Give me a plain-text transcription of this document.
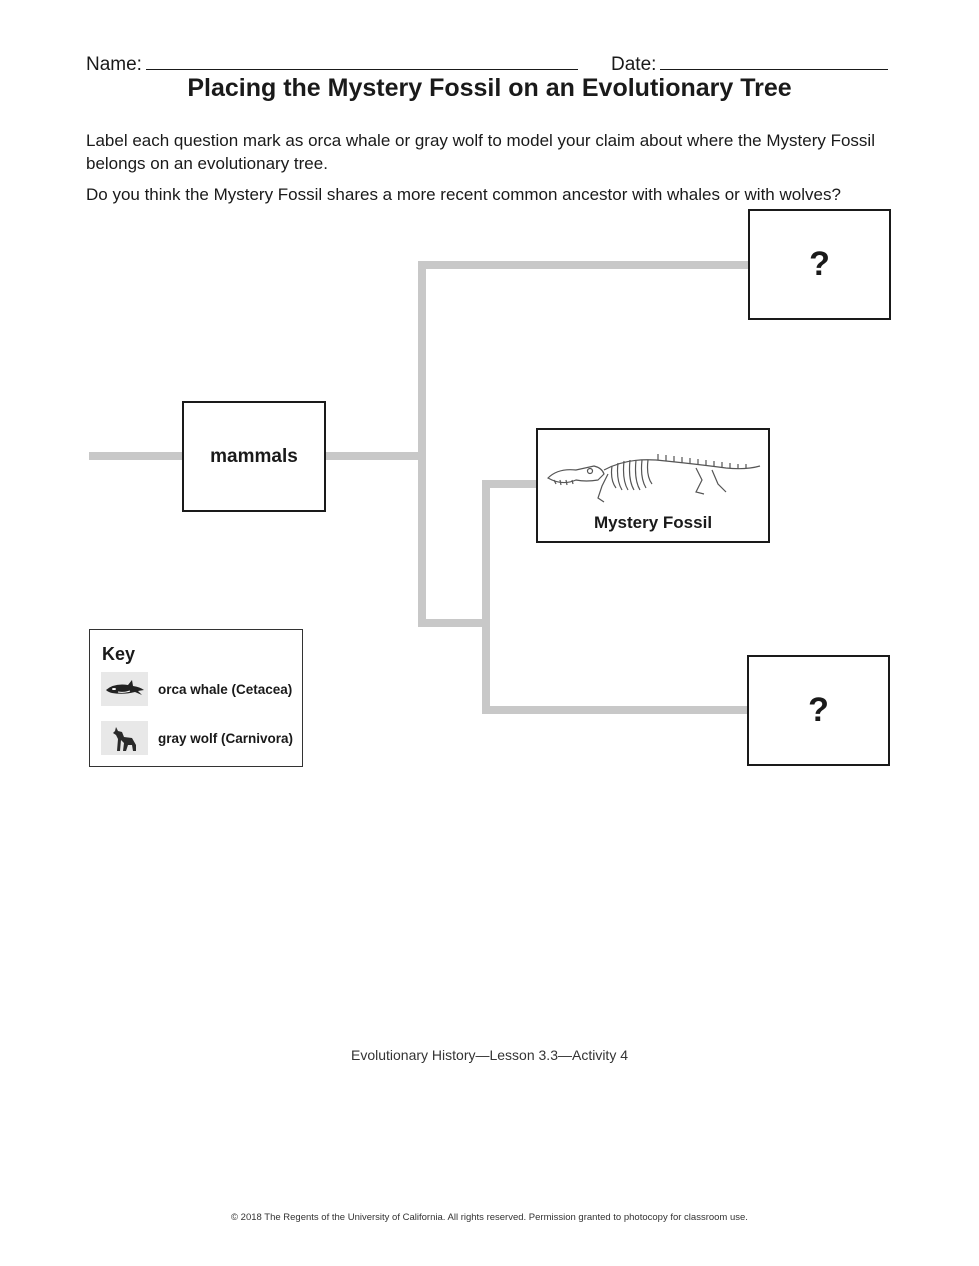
Name:	Date:
Placing the Mystery Fossil on an Evolutionary Tree
Label each question mark as orca whale or gray wolf to model your claim about where the Mystery Fossil belongs on an evolutionary tree.
Do you think the Mystery Fossil shares a more recent common ancestor with whales or with wolves?
mammals
?
?
Mystery Fossil
Key
orca whale (Cetacea)
gray wolf (Carnivora)
Evolutionary History—Lesson 3.3—Activity 4
© 2018 The Regents of the University of California. All rights reserved. Permission granted to photocopy for classroom use.
